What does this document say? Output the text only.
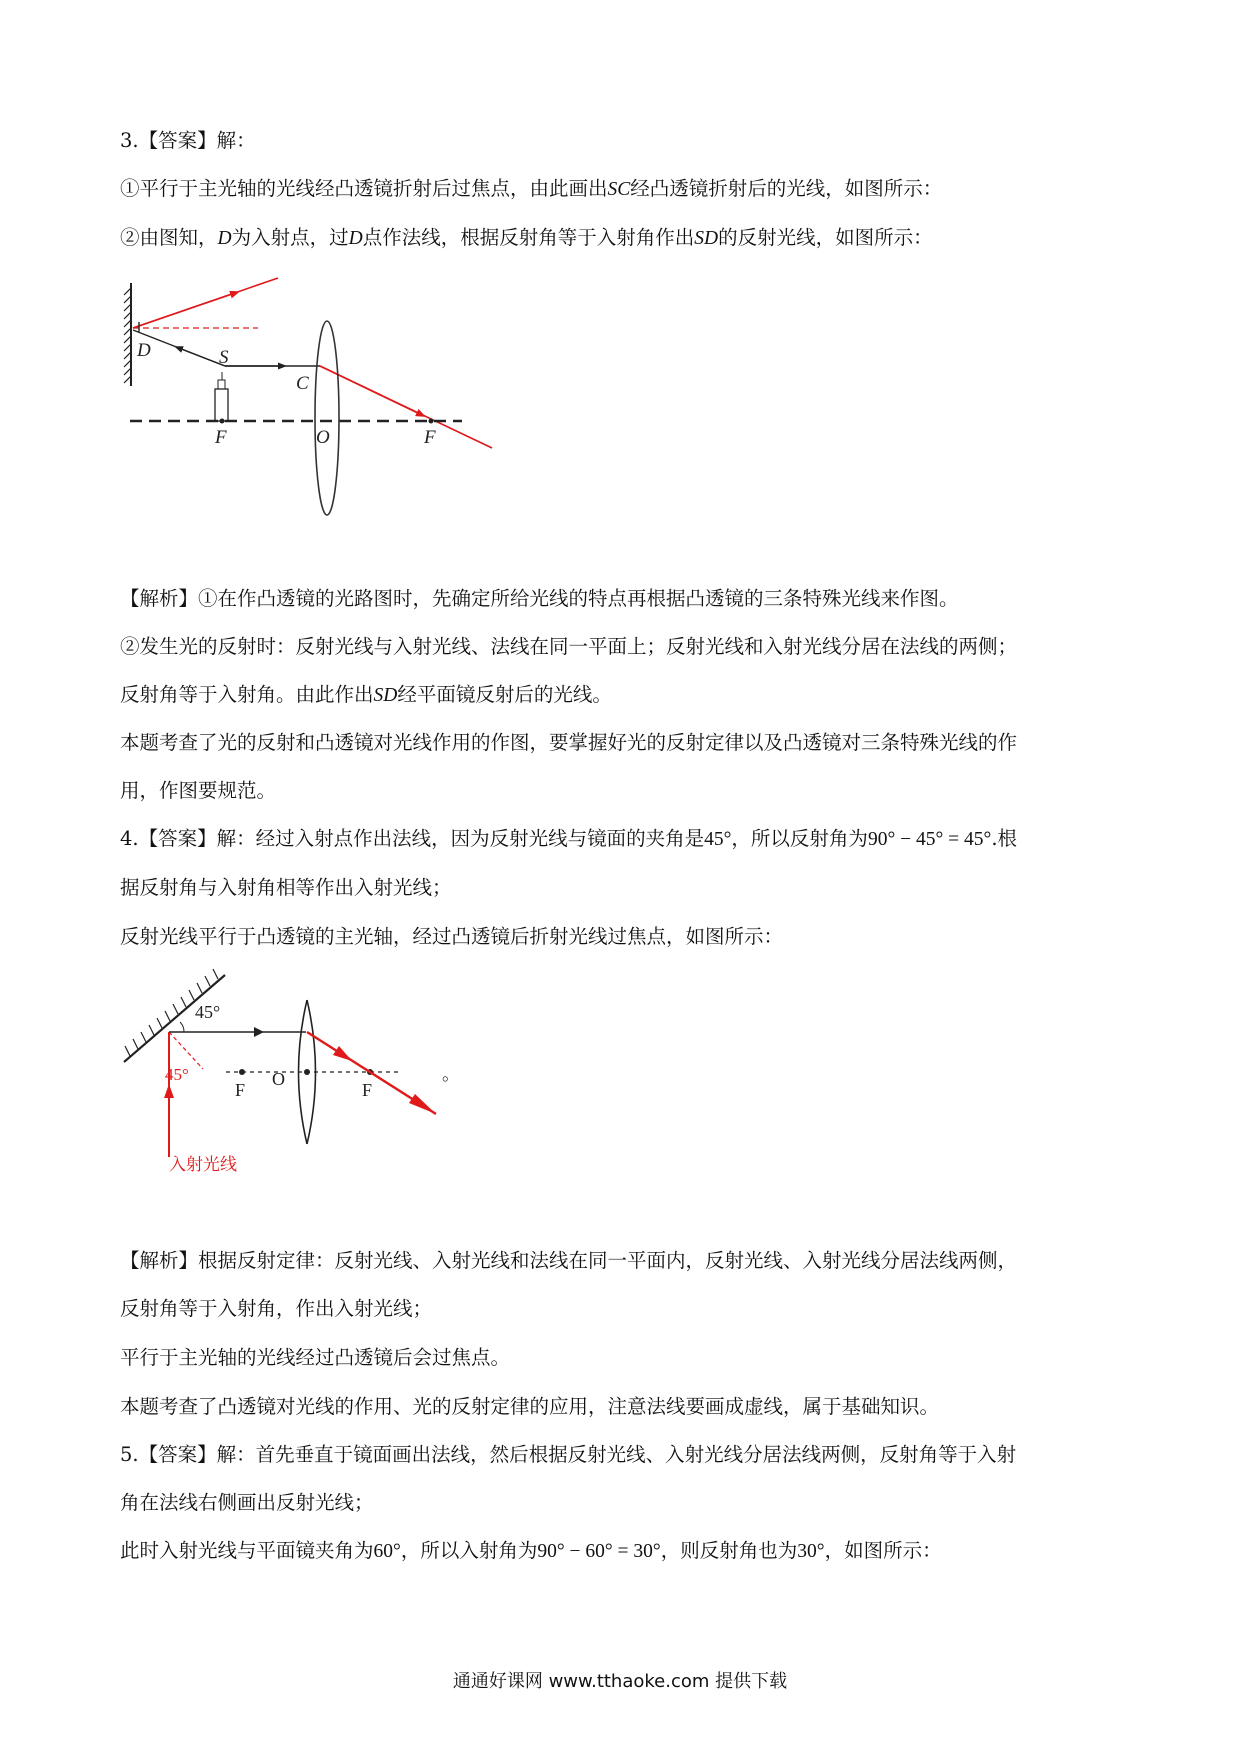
3.【答案】解：
①平行于主光轴的光线经凸透镜折射后过焦点，由此画出SC经凸透镜折射后的光线，如图所示：
②由图知，D为入射点，过D点作法线，根据反射角等于入射角作出SD的反射光线，如图所示：
D	S
C
F	O	F
【解析】①在作凸透镜的光路图时，先确定所给光线的特点再根据凸透镜的三条特殊光线来作图。
②发生光的反射时：反射光线与入射光线、法线在同一平面上；反射光线和入射光线分居在法线的两侧；
反射角等于入射角。由此作出SD经平面镜反射后的光线。
本题考查了光的反射和凸透镜对光线作用的作图，要掌握好光的反射定律以及凸透镜对三条特殊光线的作
用，作图要规范。
4.【答案】解：经过入射点作出法线，因为反射光线与镜面的夹角是45°，所以反射角为90° − 45° = 45°.根
据反射角与入射角相等作出入射光线；
反射光线平行于凸透镜的主光轴，经过凸透镜后折射光线过焦点，如图所示：
45°
45°
F
O
F
入射光线
。
【解析】根据反射定律：反射光线、入射光线和法线在同一平面内，反射光线、入射光线分居法线两侧，
反射角等于入射角，作出入射光线；
平行于主光轴的光线经过凸透镜后会过焦点。
本题考查了凸透镜对光线的作用、光的反射定律的应用，注意法线要画成虚线，属于基础知识。
5.【答案】解：首先垂直于镜面画出法线，然后根据反射光线、入射光线分居法线两侧，反射角等于入射
角在法线右侧画出反射光线；
此时入射光线与平面镜夹角为60°，所以入射角为90° − 60° = 30°，则反射角也为30°，如图所示：
通通好课网 www.tthaoke.com 提供下载
